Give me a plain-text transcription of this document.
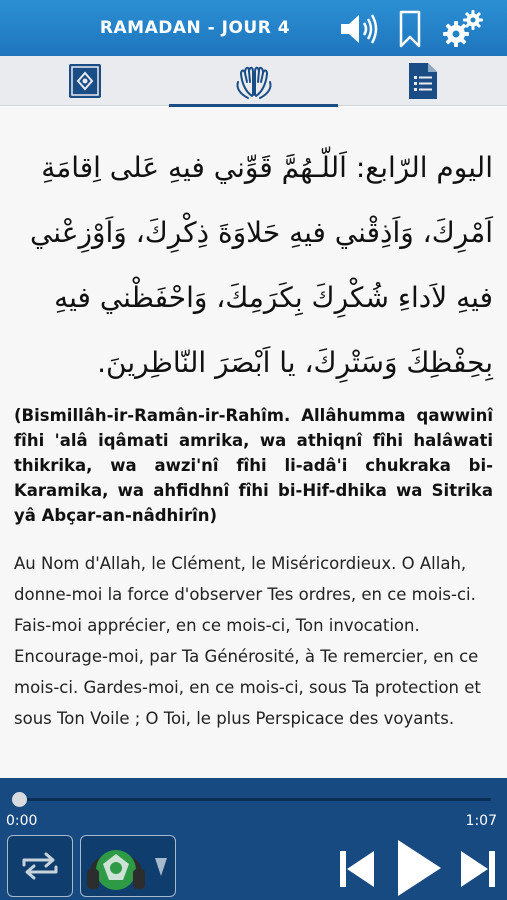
RAMADAN - JOUR 4
اليوم الرّابع: اَللّـهُمَّ قَوِّني فيهِ عَلى اِقامَةِ اَمْرِكَ، وَاَذِقْني فيهِ حَلاوَةَ ذِكْرِكَ، وَاَوْزِعْني فيهِ لاَداءِ شُكْرِكَ بِكَرَمِكَ، وَاحْفَظْني فيهِ بِحِفْظِكَ وَسَتْرِكَ، يا اَبْصَرَ النّاظِرينَ.
(Bismillâh-ir-Ramân-ir-Rahîm. Allâhumma qawwinî fîhi 'alâ iqâmati amrika, wa athiqnî fîhi halâwati thikrika, wa awzi'nî fîhi li-adâ'i chukraka bi-Karamika, wa ahfidhnî fîhi bi-Hif-dhika wa Sitrika yâ Abçar-an-nâdhirîn)
Au Nom d'Allah, le Clément, le Miséricordieux. O Allah, donne-moi la force d'observer Tes ordres, en ce mois-ci. Fais-moi apprécier, en ce mois-ci, Ton invocation. Encourage-moi, par Ta Générosité, à Te remercier, en ce mois-ci. Gardes-moi, en ce mois-ci, sous Ta protection et sous Ton Voile ; O Toi, le plus Perspicace des voyants.
0:00	1:07
